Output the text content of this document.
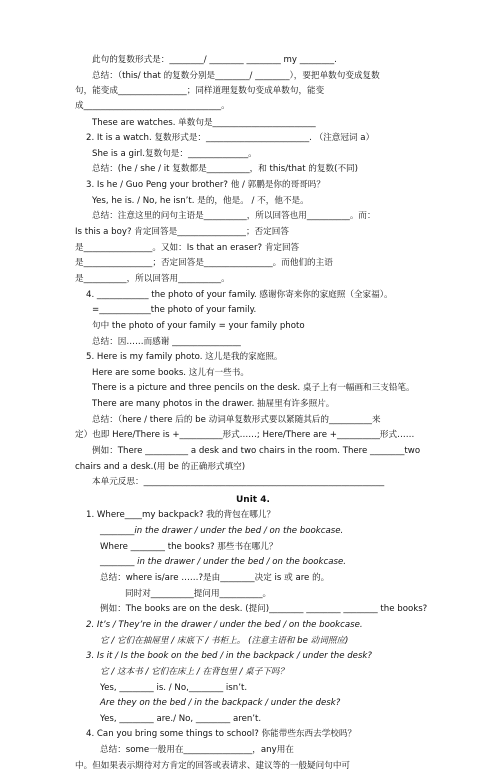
此句的复数形式是：________/ ________ ________ my ________.
总结：（this/ that 的复数分别是________/ ________），要把单数句变成复数
句，能变成________________；同样道理复数句变成单数句，能变
成________________________________。
These are watches. 单数句是________________________
2. It is a watch. 复数形式是：________________________. （注意冠词 a）
She is a girl.复数句是：______________。
总结：(he / she / it 复数都是__________，和 this/that 的复数(不同)
3. Is he / Guo Peng your brother? 他 / 郭鹏是你的哥哥吗？
Yes, he is. / No, he isn’t. 是的，他是。 / 不，他不是。
总结：注意这里的问句主语是__________，所以回答也用__________。而：
Is this a boy? 肯定回答是________________；否定回答
是________________。又如：Is that an eraser? 肯定回答
是________________；否定回答是________________。而他们的主语
是__________，所以回答用__________。
4. ____________ the photo of your family. 感谢你寄来你的家庭照（全家福）。
=____________the photo of your family.
句中 the photo of your family = your family photo
总结：因……而感谢 ________________
5. Here is my family photo. 这儿是我的家庭照。
Here are some books. 这儿有一些书。
There is a picture and three pencils on the desk. 桌子上有一幅画和三支铅笔。
There are many photos in the drawer. 抽屉里有许多照片。
总结：（here / there 后的 be 动词单复数形式要以紧随其后的__________来
定）也即 Here/There is +__________形式……; Here/There are +__________形式……
例如：There __________ a desk and two chairs in the room. There ________two
chairs and a desk.(用 be 的正确形式填空)
本单元反思：________________________________________________________
Unit 4.
1. Where____my backpack? 我的背包在哪儿？
________in the drawer / under the bed / on the bookcase.
Where ________ the books? 那些书在哪儿？
________ in the drawer / under the bed / on the bookcase.
总结：where is/are ……?是由________决定 is 或 are 的。
同时对__________提问用__________。
例如：The books are on the desk. (提问)________ ________ ________ the books?
2. It’s / They’re in the drawer / under the bed / on the bookcase.
它 / 它们在抽屉里 / 床底下 / 书柜上。 (注意主语和 be 动词照应)
3. Is it / Is the book on the bed / in the backpack / under the desk?
它 / 这本书 / 它们在床上 / 在背包里 / 桌子下吗？
Yes, ________ is. / No,________ isn’t.
Are they on the bed / in the backpack / under the desk?
Yes, ________ are./ No, ________ aren’t.
4. Can you bring some things to school? 你能带些东西去学校吗？
总结：some一般用在________________，any用在
中。但如果表示期待对方肯定的回答或表请求、建议等的一般疑问句中可
